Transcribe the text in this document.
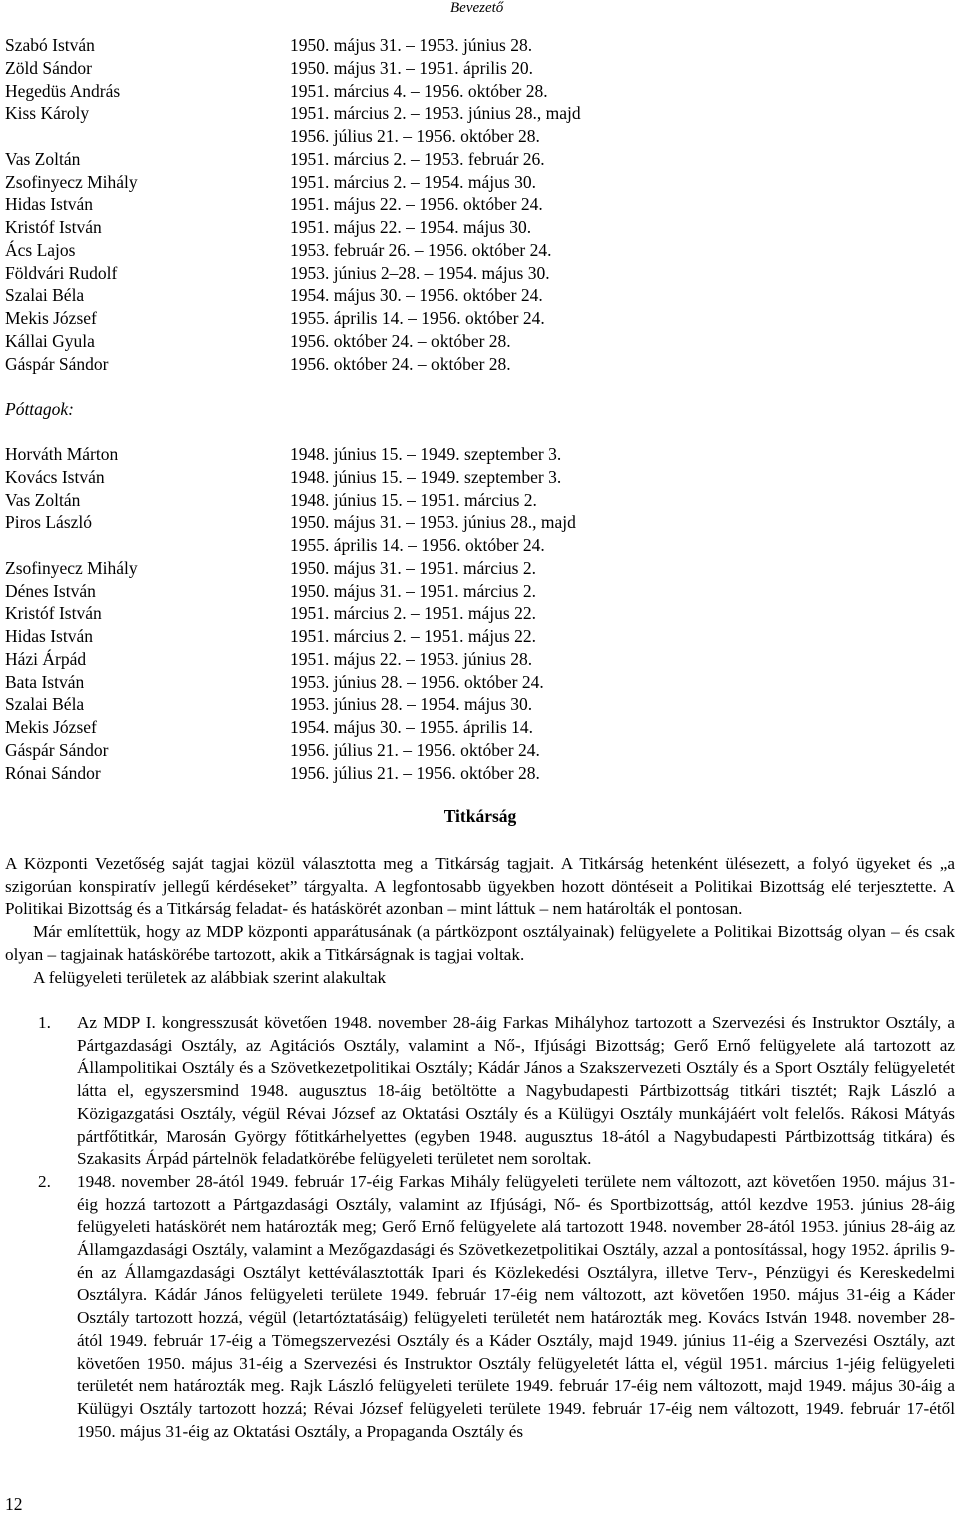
Bevezető
Szabó István	1950. május 31. – 1953. június 28.
Zöld Sándor	1950. május 31. – 1951. április 20.
Hegedüs András	1951. március 4. – 1956. október 28.
Kiss Károly	1951. március 2. – 1953. június 28., majd
1956. július 21. – 1956. október 28.
Vas Zoltán	1951. március 2. – 1953. február 26.
Zsofinyecz Mihály	1951. március 2. – 1954. május 30.
Hidas István	1951. május 22. – 1956. október 24.
Kristóf István	1951. május 22. – 1954. május 30.
Ács Lajos	1953. február 26. – 1956. október 24.
Földvári Rudolf	1953. június 2–28. – 1954. május 30.
Szalai Béla	1954. május 30. – 1956. október 24.
Mekis József	1955. április 14. – 1956. október 24.
Kállai Gyula	1956. október 24. – október 28.
Gáspár Sándor	1956. október 24. – október 28.
Póttagok:
Horváth Márton	1948. június 15. – 1949. szeptember 3.
Kovács István	1948. június 15. – 1949. szeptember 3.
Vas Zoltán	1948. június 15. – 1951. március 2.
Piros László	1950. május 31. – 1953. június 28., majd
1955. április 14. – 1956. október 24.
Zsofinyecz Mihály	1950. május 31. – 1951. március 2.
Dénes István	1950. május 31. – 1951. március 2.
Kristóf István	1951. március 2. – 1951. május 22.
Hidas István	1951. március 2. – 1951. május 22.
Házi Árpád	1951. május 22. – 1953. június 28.
Bata István	1953. június 28. – 1956. október 24.
Szalai Béla	1953. június 28. – 1954. május 30.
Mekis József	1954. május 30. – 1955. április 14.
Gáspár Sándor	1956. július 21. – 1956. október 24.
Rónai Sándor	1956. július 21. – 1956. október 28.
Titkárság

A Központi Vezetőség saját tagjai közül választotta meg a Titkárság tagjait. A Titkárság hetenként ülésezett, a folyó ügyeket és „a szigorúan konspiratív jellegű kérdéseket” tárgyalta. A legfontosabb ügyekben hozott döntéseit a Politikai Bizottság elé terjesztette. A Politikai Bizottság és a Titkárság feladat- és hatáskörét azonban – mint láttuk – nem határolták el pontosan.

Már említettük, hogy az MDP központi apparátusának (a pártközpont osztályainak) felügyelete a Politikai Bizottság olyan – és csak olyan – tagjainak hatáskörébe tartozott, akik a Titkárságnak is tagjai voltak.

A felügyeleti területek az alábbiak szerint alakultak

1. Az MDP I. kongresszusát követően 1948. november 28-áig Farkas Mihályhoz tartozott a Szervezési és Instruktor Osztály, a Pártgazdasági Osztály, az Agitációs Osztály, valamint a Nő-, Ifjúsági Bizottság; Gerő Ernő felügyelete alá tartozott az Állampolitikai Osztály és a Szövetkezetpolitikai Osztály; Kádár János a Szakszervezeti Osztály és a Sport Osztály felügyeletét látta el, egyszersmind 1948. augusztus 18-áig betöltötte a Nagybudapesti Pártbizottság titkári tisztét; Rajk László a Közigazgatási Osztály, végül Révai József az Oktatási Osztály és a Külügyi Osztály munkájáért volt felelős. Rákosi Mátyás pártfőtitkár, Marosán György főtitkárhelyettes (egyben 1948. augusztus 18-ától a Nagybudapesti Pártbizottság titkára) és Szakasits Árpád pártelnök feladatkörébe felügyeleti területet nem soroltak.
2. 1948. november 28-ától 1949. február 17-éig Farkas Mihály felügyeleti területe nem változott, azt követően 1950. május 31-éig hozzá tartozott a Pártgazdasági Osztály, valamint az Ifjúsági, Nő- és Sportbizottság, attól kezdve 1953. június 28-áig felügyeleti hatáskörét nem határozták meg; Gerő Ernő felügyelete alá tartozott 1948. november 28-ától 1953. június 28-áig az Államgazdasági Osztály, valamint a Mezőgazdasági és Szövetkezetpolitikai Osztály, azzal a pontosítással, hogy 1952. április 9-én az Államgazdasági Osztályt kettéválasztották Ipari és Közlekedési Osztályra, illetve Terv-, Pénzügyi és Kereskedelmi Osztályra. Kádár János felügyeleti területe 1949. február 17-éig nem változott, azt követően 1950. május 31-éig a Káder Osztály tartozott hozzá, végül (letartóztatásáig) felügyeleti területét nem határozták meg. Kovács István 1948. november 28-ától 1949. február 17-éig a Tömegszervezési Osztály és a Káder Osztály, majd 1949. június 11-éig a Szervezési Osztály, azt követően 1950. május 31-éig a Szervezési és Instruktor Osztály felügyeletét látta el, végül 1951. március 1-jéig felügyeleti területét nem határozták meg. Rajk László felügyeleti területe 1949. február 17-éig nem változott, majd 1949. május 30-áig a Külügyi Osztály tartozott hozzá; Révai József felügyeleti területe 1949. február 17-éig nem változott, 1949. február 17-étől 1950. május 31-éig az Oktatási Osztály, a Propaganda Osztály és
12
